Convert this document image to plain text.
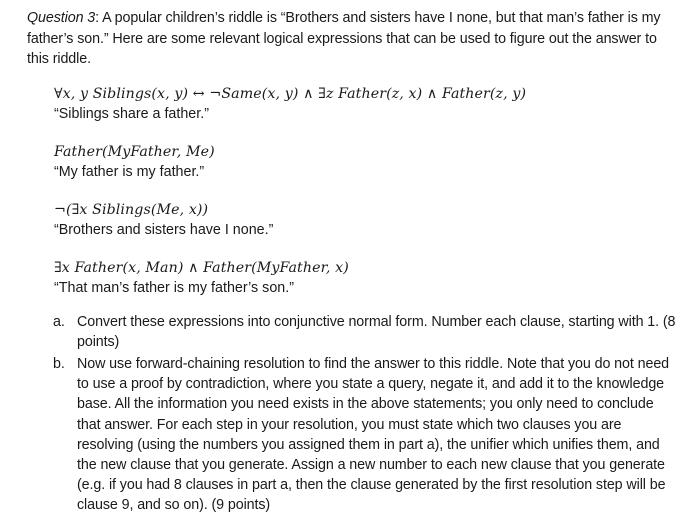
Question 3: A popular children’s riddle is “Brothers and sisters have I none, but that man’s father is my father’s son.” Here are some relevant logical expressions that can be used to figure out the answer to this riddle.

∀x, y Siblings(x, y) ↔ ¬Same(x, y) ∧ ∃z Father(z, x) ∧ Father(z, y)
“Siblings share a father.”
Father(MyFather, Me)
“My father is my father.”
¬(∃x Siblings(Me, x))
“Brothers and sisters have I none.”
∃x Father(x, Man) ∧ Father(MyFather, x)
“That man’s father is my father’s son.”
a. Convert these expressions into conjunctive normal form. Number each clause, starting with 1. (8 points)
b. Now use forward-chaining resolution to find the answer to this riddle. Note that you do not need to use a proof by contradiction, where you state a query, negate it, and add it to the knowledge base. All the information you need exists in the above statements; you only need to conclude that answer. For each step in your resolution, you must state which two clauses you are resolving (using the numbers you assigned them in part a), the unifier which unifies them, and the new clause that you generate. Assign a new number to each new clause that you generate (e.g. if you had 8 clauses in part a, then the clause generated by the first resolution step will be clause 9, and so on). (9 points)
